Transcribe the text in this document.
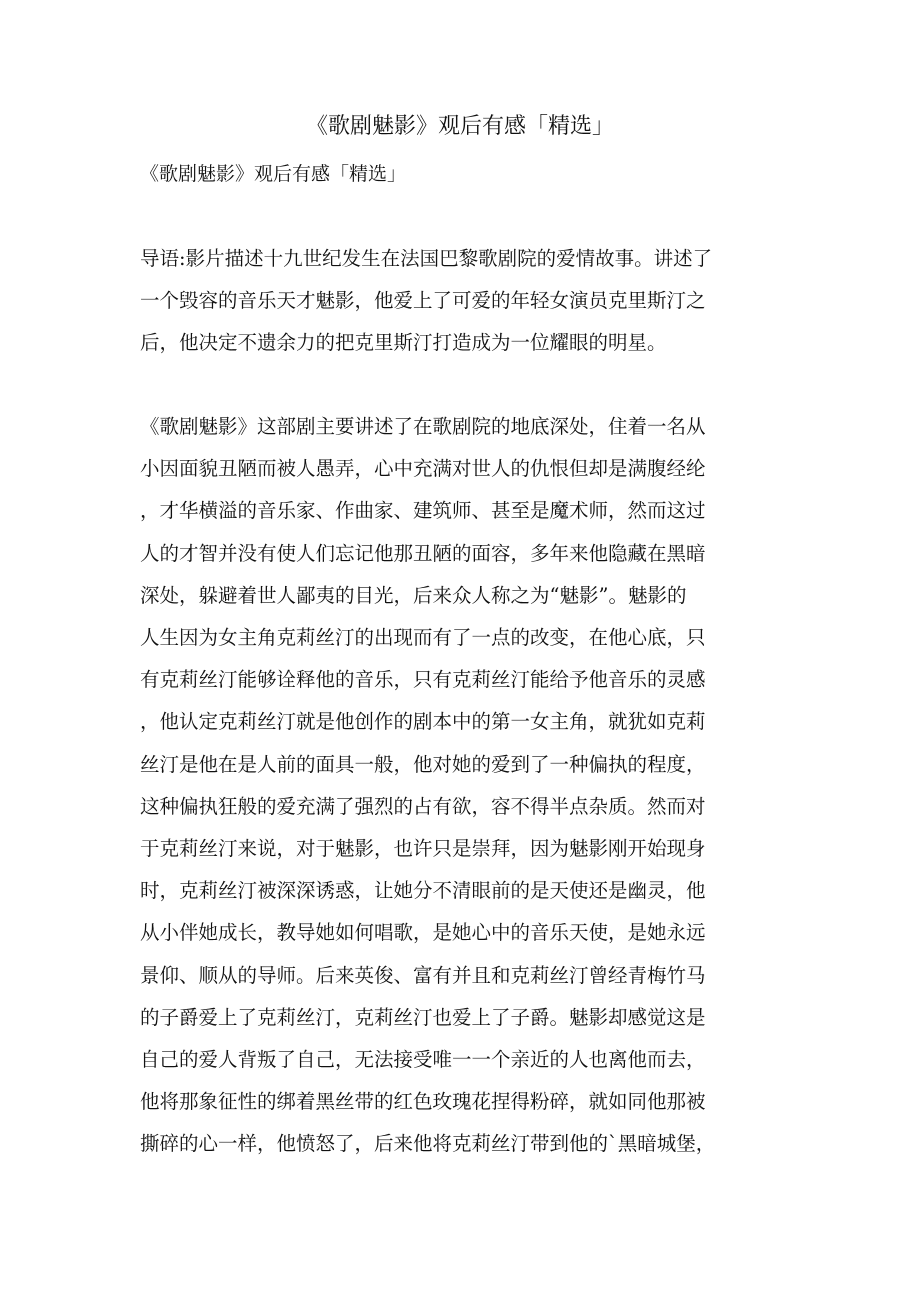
《歌剧魅影》观后有感「精选」
《歌剧魅影》观后有感「精选」
导语:影片描述十九世纪发生在法国巴黎歌剧院的爱情故事。讲述了
一个毁容的音乐天才魅影，他爱上了可爱的年轻女演员克里斯汀之
后，他决定不遗余力的把克里斯汀打造成为一位耀眼的明星。
《歌剧魅影》这部剧主要讲述了在歌剧院的地底深处，住着一名从
小因面貌丑陋而被人愚弄，心中充满对世人的仇恨但却是满腹经纶
，才华横溢的音乐家、作曲家、建筑师、甚至是魔术师，然而这过
人的才智并没有使人们忘记他那丑陋的面容，多年来他隐藏在黑暗
深处，躲避着世人鄙夷的目光，后来众人称之为“魅影”。魅影的
人生因为女主角克莉丝汀的出现而有了一点的改变，在他心底，只
有克莉丝汀能够诠释他的音乐，只有克莉丝汀能给予他音乐的灵感
，他认定克莉丝汀就是他创作的剧本中的第一女主角，就犹如克莉
丝汀是他在是人前的面具一般，他对她的爱到了一种偏执的程度，
这种偏执狂般的爱充满了强烈的占有欲，容不得半点杂质。然而对
于克莉丝汀来说，对于魅影，也许只是崇拜，因为魅影刚开始现身
时，克莉丝汀被深深诱惑，让她分不清眼前的是天使还是幽灵，他
从小伴她成长，教导她如何唱歌，是她心中的音乐天使，是她永远
景仰、顺从的导师。后来英俊、富有并且和克莉丝汀曾经青梅竹马
的子爵爱上了克莉丝汀，克莉丝汀也爱上了子爵。魅影却感觉这是
自己的爱人背叛了自己，无法接受唯一一个亲近的人也离他而去，
他将那象征性的绑着黑丝带的红色玫瑰花捏得粉碎，就如同他那被
撕碎的心一样，他愤怒了，后来他将克莉丝汀带到他的`黑暗城堡，
